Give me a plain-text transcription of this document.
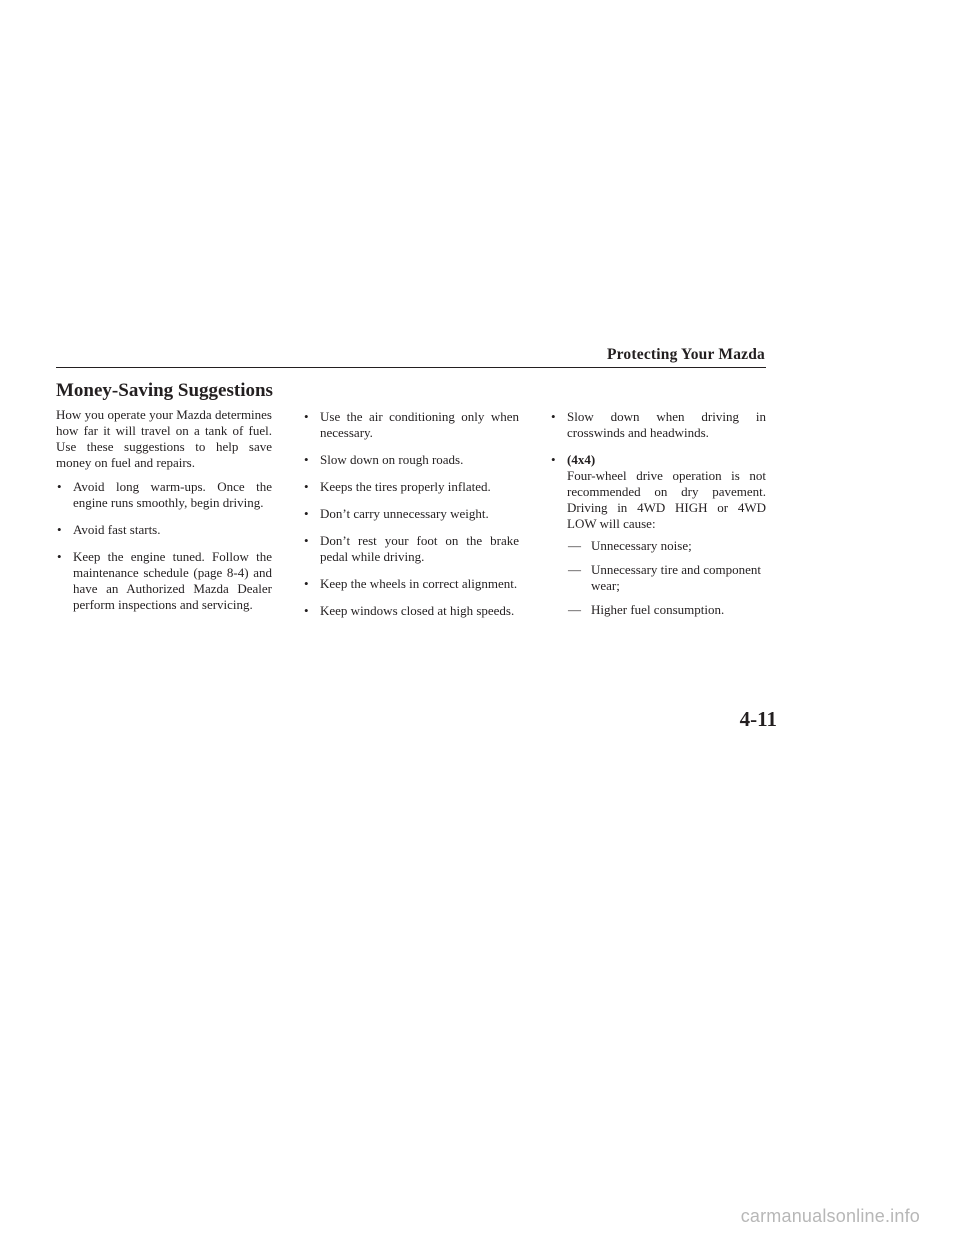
Protecting Your Mazda
Money-Saving Suggestions

How you operate your Mazda determines how far it will travel on a tank of fuel. Use these suggestions to help save money on fuel and repairs.

• Avoid long warm-ups. Once the engine runs smoothly, begin driving.
• Avoid fast starts.
• Keep the engine tuned. Follow the maintenance schedule (page 8-4) and have an Authorized Mazda Dealer perform inspections and servicing.
• Use the air conditioning only when necessary.
• Slow down on rough roads.
• Keeps the tires properly inflated.
• Don’t carry unnecessary weight.
• Don’t rest your foot on the brake pedal while driving.
• Keep the wheels in correct alignment.
• Keep windows closed at high speeds.
• Slow down when driving in crosswinds and headwinds.
• (4x4)
Four-wheel drive operation is not recommended on dry pavement. Driving in 4WD HIGH or 4WD LOW will cause:
— Unnecessary noise;
— Unnecessary tire and component wear;
— Higher fuel consumption.
4-11
carmanualsonline.info
